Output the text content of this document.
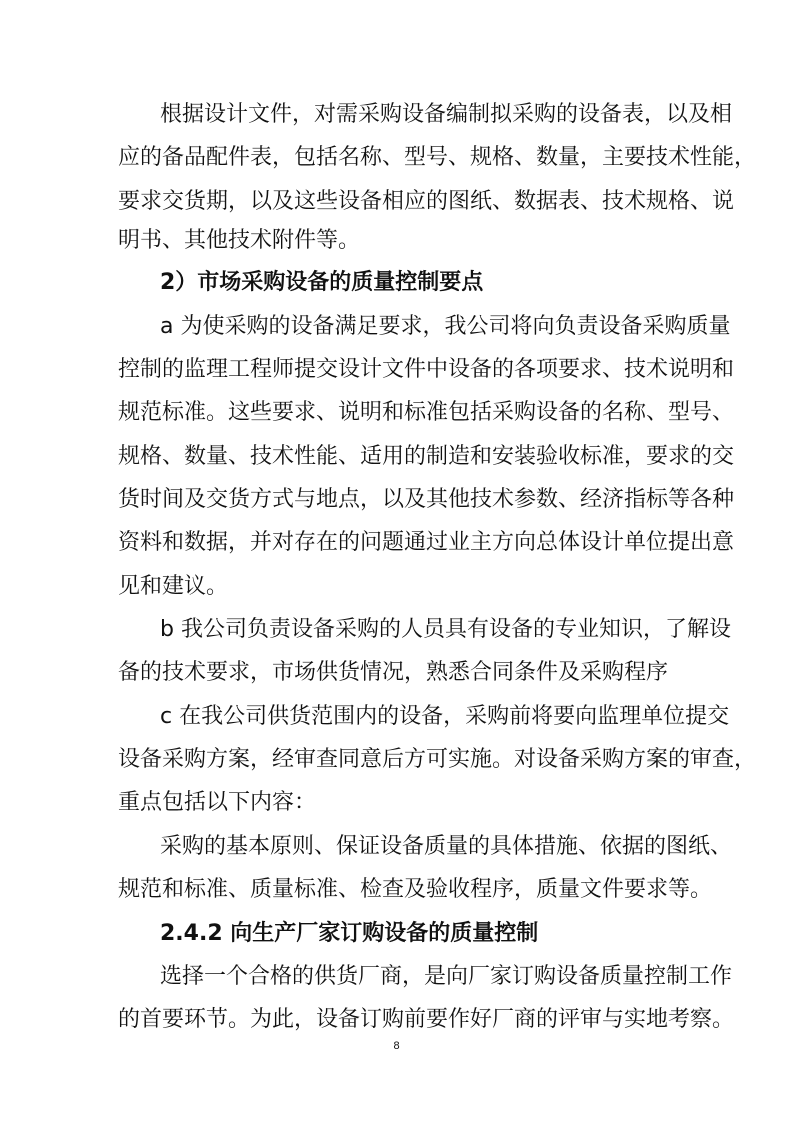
根据设计文件，对需采购设备编制拟采购的设备表，以及相
应的备品配件表，包括名称、型号、规格、数量，主要技术性能，
要求交货期，以及这些设备相应的图纸、数据表、技术规格、说
明书、其他技术附件等。
2）市场采购设备的质量控制要点
a 为使采购的设备满足要求，我公司将向负责设备采购质量
控制的监理工程师提交设计文件中设备的各项要求、技术说明和
规范标准。这些要求、说明和标准包括采购设备的名称、型号、
规格、数量、技术性能、适用的制造和安装验收标准，要求的交
货时间及交货方式与地点，以及其他技术参数、经济指标等各种
资料和数据，并对存在的问题通过业主方向总体设计单位提出意
见和建议。
b 我公司负责设备采购的人员具有设备的专业知识，了解设
备的技术要求，市场供货情况，熟悉合同条件及采购程序
c 在我公司供货范围内的设备，采购前将要向监理单位提交
设备采购方案，经审查同意后方可实施。对设备采购方案的审查，
重点包括以下内容：
采购的基本原则、保证设备质量的具体措施、依据的图纸、
规范和标准、质量标准、检查及验收程序，质量文件要求等。
2.4.2 向生产厂家订购设备的质量控制
选择一个合格的供货厂商，是向厂家订购设备质量控制工作
的首要环节。为此，设备订购前要作好厂商的评审与实地考察。
8
